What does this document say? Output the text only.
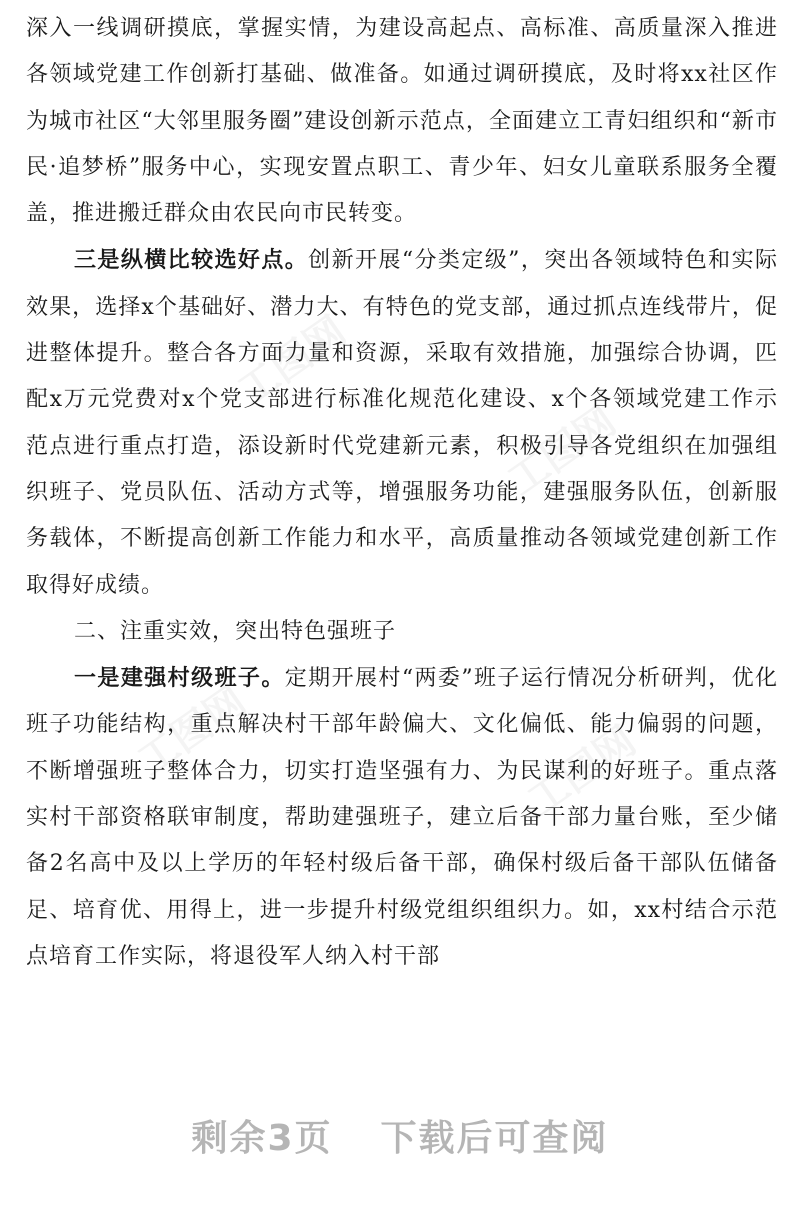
工图网
工图网
工图网	工图网

深入一线调研摸底，掌握实情，为建设高起点、高标准、高质量深入推进各领域党建工作创新打基础、做准备。如通过调研摸底，及时将xx社区作为城市社区“大邻里服务圈”建设创新示范点，全面建立工青妇组织和“新市民·追梦桥”服务中心，实现安置点职工、青少年、妇女儿童联系服务全覆盖，推进搬迁群众由农民向市民转变。

三是纵横比较选好点。创新开展“分类定级”，突出各领域特色和实际效果，选择x个基础好、潜力大、有特色的党支部，通过抓点连线带片，促进整体提升。整合各方面力量和资源，采取有效措施，加强综合协调，匹配x万元党费对x个党支部进行标准化规范化建设、x个各领域党建工作示范点进行重点打造，添设新时代党建新元素，积极引导各党组织在加强组织班子、党员队伍、活动方式等，增强服务功能，建强服务队伍，创新服务载体，不断提高创新工作能力和水平，高质量推动各领域党建创新工作取得好成绩。

二、注重实效，突出特色强班子

一是建强村级班子。定期开展村“两委”班子运行情况分析研判，优化班子功能结构，重点解决村干部年龄偏大、文化偏低、能力偏弱的问题，不断增强班子整体合力，切实打造坚强有力、为民谋利的好班子。重点落实村干部资格联审制度，帮助建强班子，建立后备干部力量台账，至少储备2名高中及以上学历的年轻村级后备干部，确保村级后备干部队伍储备足、培育优、用得上，进一步提升村级党组织组织力。如，xx村结合示范点培育工作实际，将退役军人纳入村干部

剩余3页 下载后可查阅
